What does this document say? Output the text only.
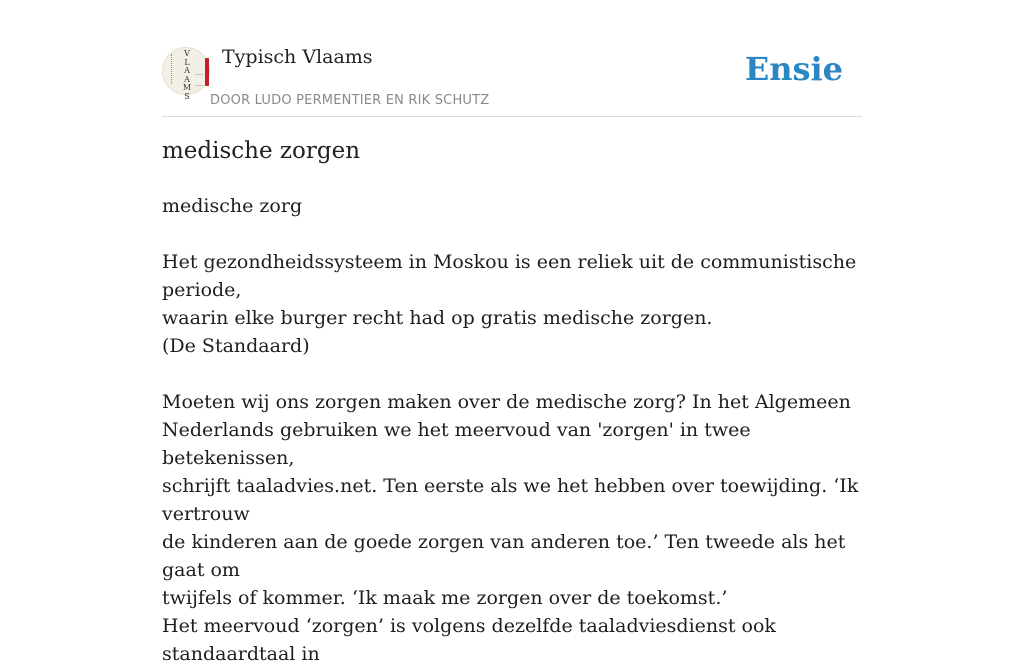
V
L
A
A
M
S
Typisch Vlaams
DOOR LUDO PERMENTIER EN RIK SCHUTZ
Ensie
medische zorgen

medische zorg

Het gezondheidssysteem in Moskou is een reliek uit de communistische periode,

waarin elke burger recht had op gratis medische zorgen.

(De Standaard)

Moeten wij ons zorgen maken over de medische zorg? In het Algemeen

Nederlands gebruiken we het meervoud van 'zorgen' in twee betekenissen,

schrijft taaladvies.net. Ten eerste als we het hebben over toewijding. ‘Ik vertrouw

de kinderen aan de goede zorgen van anderen toe.’ Ten tweede als het gaat om

twijfels of kommer. ‘Ik maak me zorgen over de toekomst.’

Het meervoud ‘zorgen’ is volgens dezelfde taaladviesdienst ook standaardtaal in
